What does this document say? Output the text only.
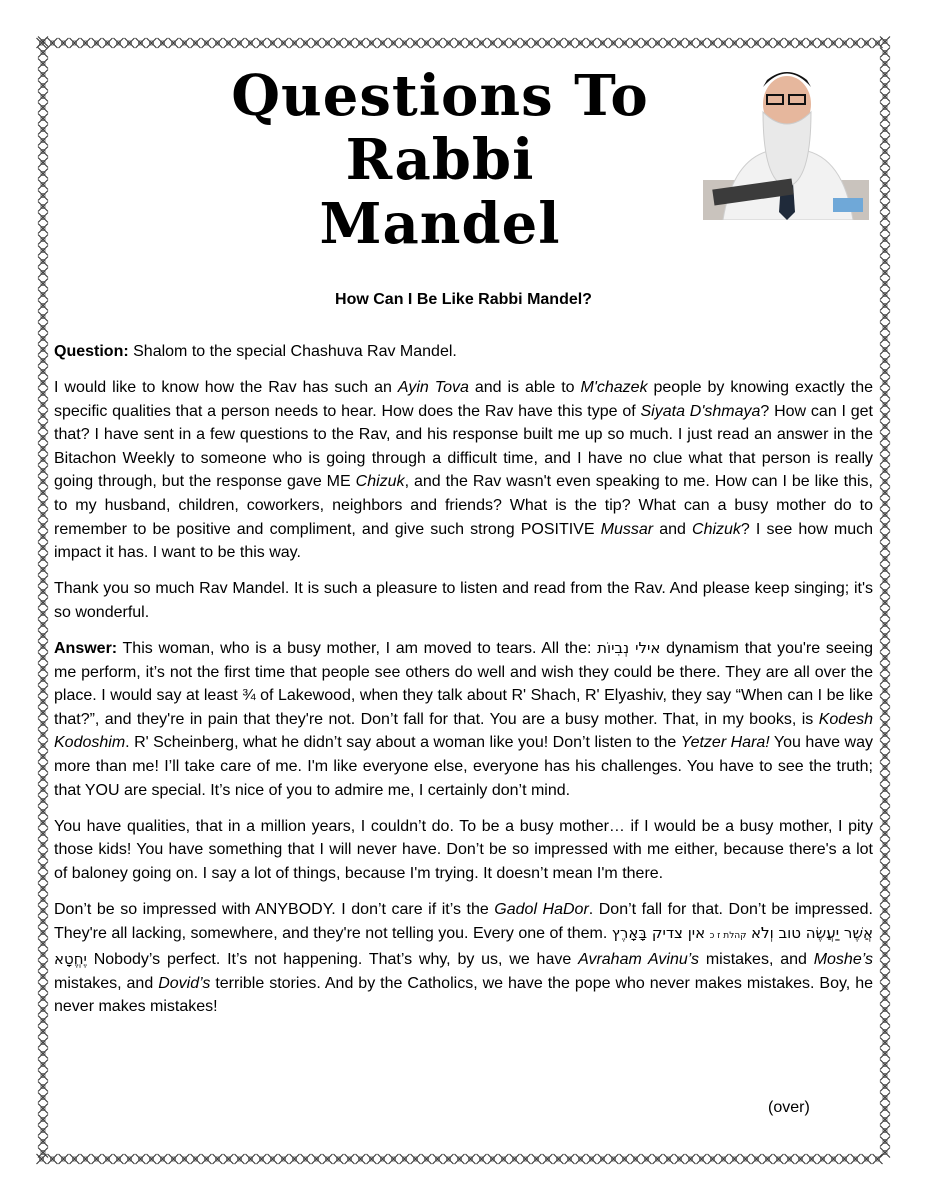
Questions To
Rabbi
Mandel
How Can I Be Like Rabbi Mandel?

Question: Shalom to the special Chashuva Rav Mandel.

I would like to know how the Rav has such an Ayin Tova and is able to M'chazek people by knowing exactly the specific qualities that a person needs to hear. How does the Rav have this type of Siyata D'shmaya? How can I get that? I have sent in a few questions to the Rav, and his response built me up so much. I just read an answer in the Bitachon Weekly to someone who is going through a difficult time, and I have no clue what that person is really going through, but the response gave ME Chizuk, and the Rav wasn't even speaking to me. How can I be like this, to my husband, children, coworkers, neighbors and friends? What is the tip? What can a busy mother do to remember to be positive and compliment, and give such strong POSITIVE Mussar and Chizuk? I see how much impact it has. I want to be this way.

Thank you so much Rav Mandel. It is such a pleasure to listen and read from the Rav. And please keep singing; it's so wonderful.

Answer: This woman, who is a busy mother, I am moved to tears. All the: אילי נְבִיוֹת dynamism that you're seeing me perform, it’s not the first time that people see others do well and wish they could be there. They are all over the place. I would say at least ¾ of Lakewood, when they talk about R' Shach, R' Elyashiv, they say “When can I be like that?”, and they're in pain that they're not. Don’t fall for that. You are a busy mother. That, in my books, is Kodesh Kodoshim. R' Scheinberg, what he didn’t say about a woman like you! Don’t listen to the Yetzer Hara! You have way more than me! I’ll take care of me. I'm like everyone else, everyone has his challenges. You have to see the truth; that YOU are special. It’s nice of you to admire me, I certainly don’t mind.

You have qualities, that in a million years, I couldn’t do. To be a busy mother… if I would be a busy mother, I pity those kids! You have something that I will never have. Don’t be so impressed with me either, because there's a lot of baloney going on. I say a lot of things, because I'm trying. It doesn’t mean I'm there.

Don’t be so impressed with ANYBODY. I don’t care if it’s the Gadol HaDor. Don’t fall for that. Don’t be impressed. They're all lacking, somewhere, and they're not telling you. Every one of them. אין צדיק בָּאָרֶץ קהלת ז כ אֲשֶׁר יַעֲשֶׂה טוב וְלֹא יֶחֱטָא Nobody’s perfect. It’s not happening. That’s why, by us, we have Avraham Avinu’s mistakes, and Moshe’s mistakes, and Dovid’s terrible stories. And by the Catholics, we have the pope who never makes mistakes. Boy, he never makes mistakes!

(over)
